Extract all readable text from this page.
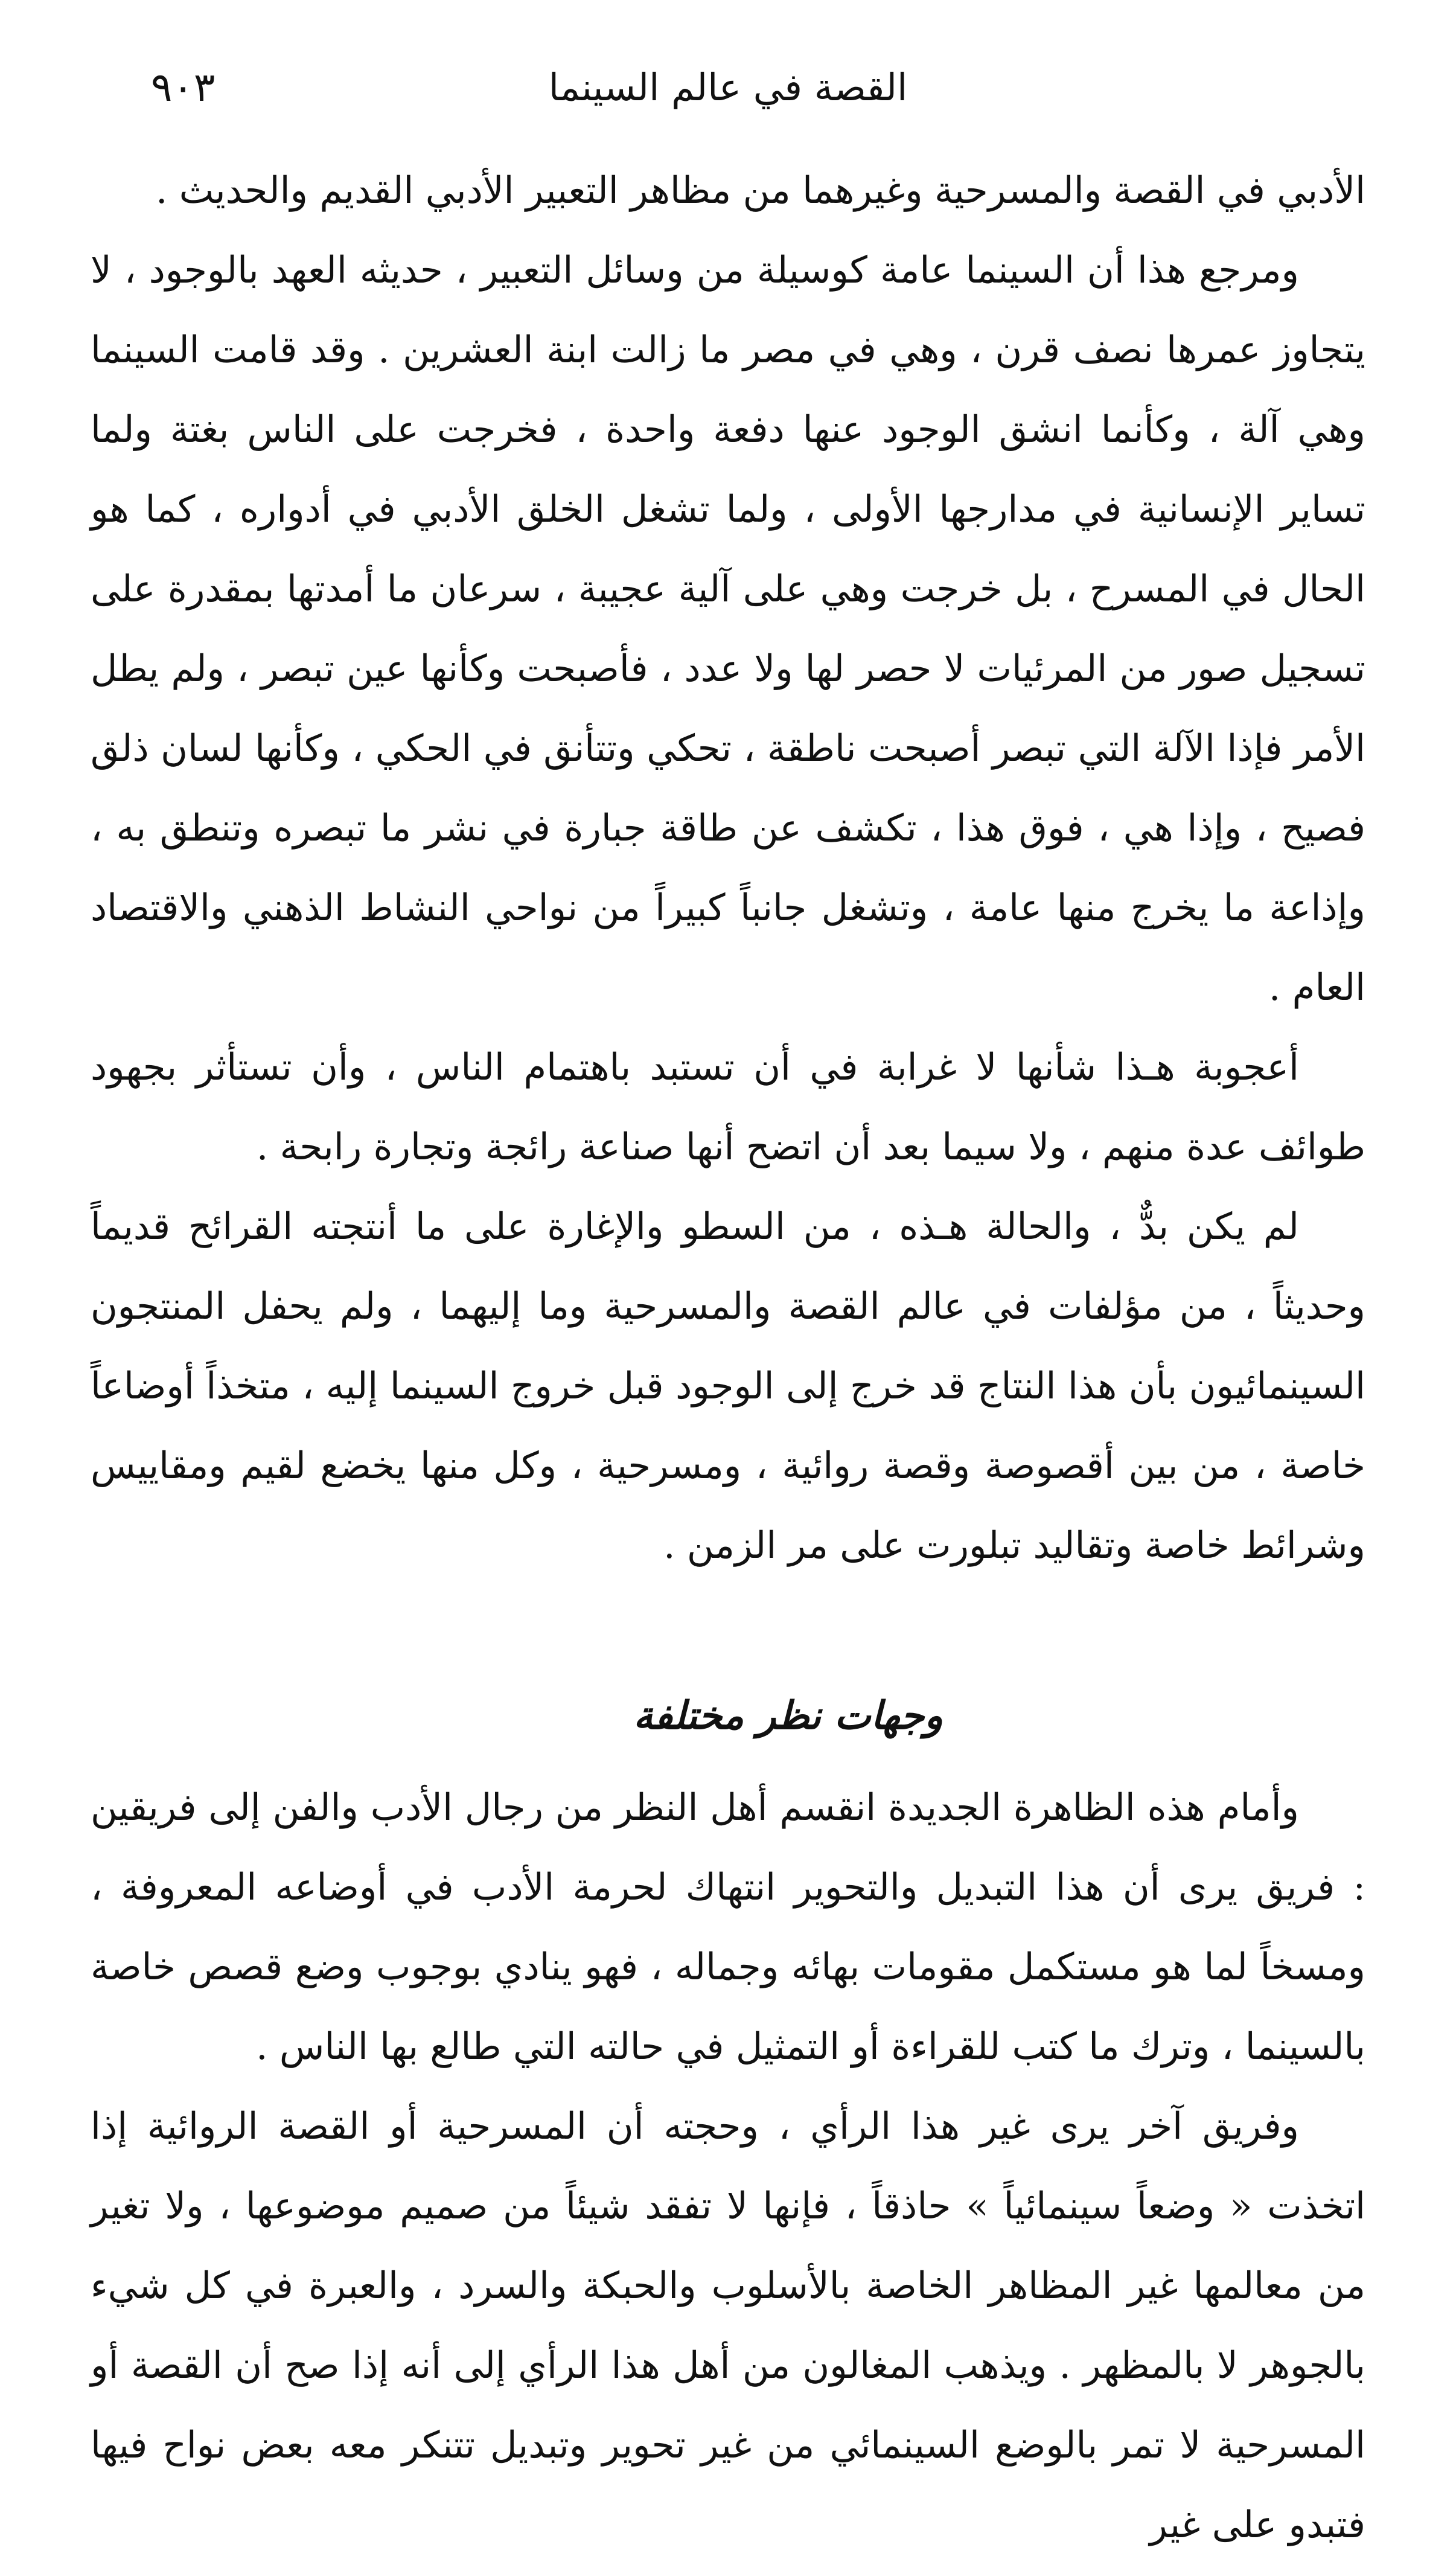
القصة في عالم السينما
٩٠٣

الأدبي في القصة والمسرحية وغيرهما من مظاهر التعبير الأدبي القديم والحديث .

ومرجع هذا أن السينما عامة كوسيلة من وسائل التعبير ، حديثه العهد بالوجود ، لا يتجاوز عمرها نصف قرن ، وهي في مصر ما زالت ابنة العشرين . وقد قامت السينما وهي آلة ، وكأنما انشق الوجود عنها دفعة واحدة ، فخرجت على الناس بغتة ولما تساير الإنسانية في مدارجها الأولى ، ولما تشغل الخلق الأدبي في أدواره ، كما هو الحال في المسرح ، بل خرجت وهي على آلية عجيبة ، سرعان ما أمدتها بمقدرة على تسجيل صور من المرئيات لا حصر لها ولا عدد ، فأصبحت وكأنها عين تبصر ، ولم يطل الأمر فإذا الآلة التي تبصر أصبحت ناطقة ، تحكي وتتأنق في الحكي ، وكأنها لسان ذلق فصيح ، وإذا هي ، فوق هذا ، تكشف عن طاقة جبارة في نشر ما تبصره وتنطق به ، وإذاعة ما يخرج منها عامة ، وتشغل جانباً كبيراً من نواحي النشاط الذهني والاقتصاد العام .

أعجوبة هـذا شأنها لا غرابة في أن تستبد باهتمام الناس ، وأن تستأثر بجهود طوائف عدة منهم ، ولا سيما بعد أن اتضح أنها صناعة رائجة وتجارة رابحة .

لم يكن بدٌّ ، والحالة هـذه ، من السطو والإغارة على ما أنتجته القرائح قديماً وحديثاً ، من مؤلفات في عالم القصة والمسرحية وما إليهما ، ولم يحفل المنتجون السينمائيون بأن هذا النتاج قد خرج إلى الوجود قبل خروج السينما إليه ، متخذاً أوضاعاً خاصة ، من بين أقصوصة وقصة روائية ، ومسرحية ، وكل منها يخضع لقيم ومقاييس وشرائط خاصة وتقاليد تبلورت على مر الزمن .

وجهات نظر مختلفة

وأمام هذه الظاهرة الجديدة انقسم أهل النظر من رجال الأدب والفن إلى فريقين : فريق يرى أن هذا التبديل والتحوير انتهاك لحرمة الأدب في أوضاعه المعروفة ، ومسخاً لما هو مستكمل مقومات بهائه وجماله ، فهو ينادي بوجوب وضع قصص خاصة بالسينما ، وترك ما كتب للقراءة أو التمثيل في حالته التي طالع بها الناس .

وفريق آخر يرى غير هذا الرأي ، وحجته أن المسرحية أو القصة الروائية إذا اتخذت « وضعاً سينمائياً » حاذقاً ، فإنها لا تفقد شيئاً من صميم موضوعها ، ولا تغير من معالمها غير المظاهر الخاصة بالأسلوب والحبكة والسرد ، والعبرة في كل شيء بالجوهر لا بالمظهر . ويذهب المغالون من أهل هذا الرأي إلى أنه إذا صح أن القصة أو المسرحية لا تمر بالوضع السينمائي من غير تحوير وتبديل تتنكر معه بعض نواح فيها فتبدو على غير
